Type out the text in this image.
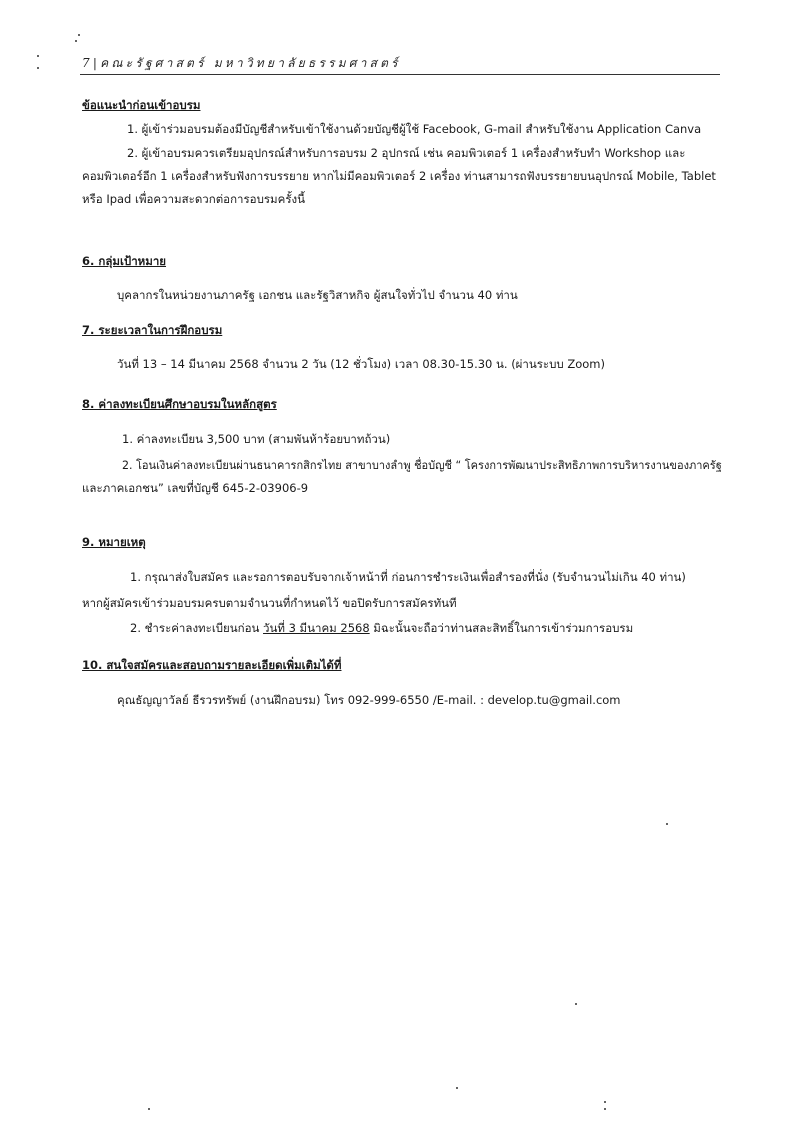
7|คณะรัฐศาสตร์ มหาวิทยาลัยธรรมศาสตร์
ข้อแนะนำก่อนเข้าอบรม
1. ผู้เข้าร่วมอบรมต้องมีบัญชีสำหรับเข้าใช้งานด้วยบัญชีผู้ใช้ Facebook, G-mail สำหรับใช้งาน Application Canva
2. ผู้เข้าอบรมควรเตรียมอุปกรณ์สำหรับการอบรม 2 อุปกรณ์ เช่น คอมพิวเตอร์ 1 เครื่องสำหรับทำ Workshop และ
คอมพิวเตอร์อีก 1 เครื่องสำหรับฟังการบรรยาย หากไม่มีคอมพิวเตอร์ 2 เครื่อง ท่านสามารถฟังบรรยายบนอุปกรณ์ Mobile, Tablet
หรือ Ipad เพื่อความสะดวกต่อการอบรมครั้งนี้
6. กลุ่มเป้าหมาย
บุคลากรในหน่วยงานภาครัฐ เอกชน และรัฐวิสาหกิจ ผู้สนใจทั่วไป จำนวน 40 ท่าน
7. ระยะเวลาในการฝึกอบรม
วันที่ 13 – 14 มีนาคม 2568 จำนวน 2 วัน (12 ชั่วโมง) เวลา 08.30-15.30 น. (ผ่านระบบ Zoom)
8. ค่าลงทะเบียนศึกษาอบรมในหลักสูตร
1. ค่าลงทะเบียน 3,500 บาท (สามพันห้าร้อยบาทถ้วน)
2. โอนเงินค่าลงทะเบียนผ่านธนาคารกสิกรไทย สาขาบางลำพู ชื่อบัญชี “ โครงการพัฒนาประสิทธิภาพการบริหารงานของภาครัฐ
และภาคเอกชน” เลขที่บัญชี 645-2-03906-9
9. หมายเหตุ
1. กรุณาส่งใบสมัคร และรอการตอบรับจากเจ้าหน้าที่ ก่อนการชำระเงินเพื่อสำรองที่นั่ง (รับจำนวนไม่เกิน 40 ท่าน)
หากผู้สมัครเข้าร่วมอบรมครบตามจำนวนที่กำหนดไว้ ขอปิดรับการสมัครทันที
2. ชำระค่าลงทะเบียนก่อน วันที่ 3 มีนาคม 2568 มิฉะนั้นจะถือว่าท่านสละสิทธิ์ในการเข้าร่วมการอบรม
10. สนใจสมัครและสอบถามรายละเอียดเพิ่มเติมได้ที่
คุณธัญญาวัลย์ ธีรวรทรัพย์ (งานฝึกอบรม) โทร 092-999-6550 /E-mail. : develop.tu@gmail.com
